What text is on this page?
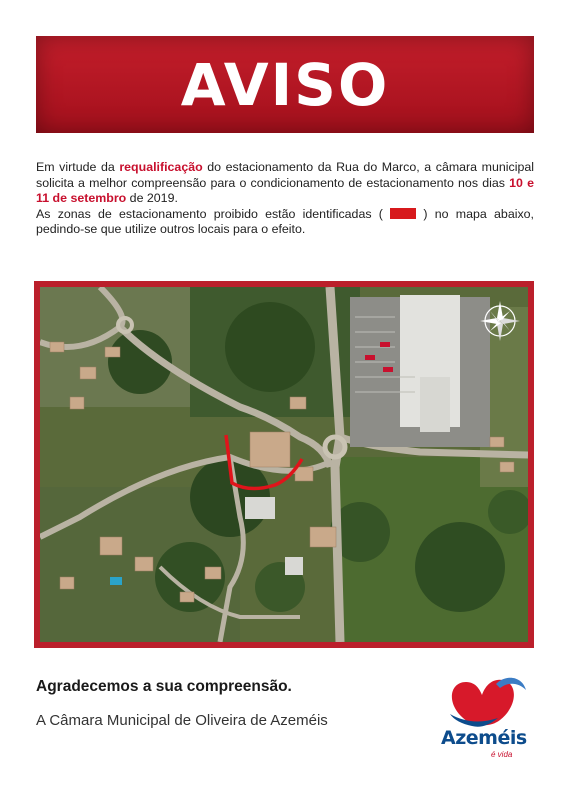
AVISO

Em virtude da requalificação do estacionamento da Rua do Marco, a câmara municipal solicita a melhor compreensão para o condicionamento de estacionamento nos dias 10 e 11 de setembro de 2019.

As zonas de estacionamento proibido estão identificadas (  ) no mapa abaixo, pedindo-se que utilize outros locais para o efeito.

Agradecemos a sua compreensão.
A Câmara Municipal de Oliveira de Azeméis
Azeméis
é vida
